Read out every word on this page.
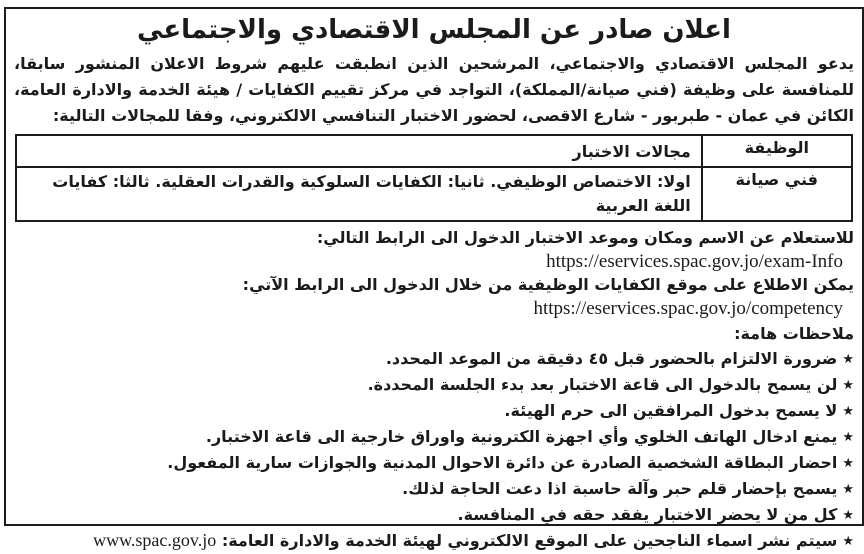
اعلان صادر عن المجلس الاقتصادي والاجتماعي
يدعو المجلس الاقتصادي والاجتماعي، المرشحين الذين انطبقت عليهم شروط الاعلان المنشور سابقا، للمنافسة على وظيفة (فني صيانة/المملكة)، التواجد في مركز تقييم الكفايات / هيئة الخدمة والادارة العامة، الكائن في عمان - طبربور - شارع الاقصى، لحضور الاختبار التنافسي الالكتروني، وفقا للمجالات التالية:
الوظيفة	مجالات الاختبار
فني صيانة	اولا: الاختصاص الوظيفي. ثانيا: الكفايات السلوكية والقدرات العقلية. ثالثا: كفايات اللغة العربية
للاستعلام عن الاسم ومكان وموعد الاختبار الدخول الى الرابط التالي:
https://eservices.spac.gov.jo/exam-Info
يمكن الاطلاع على موقع الكفايات الوظيفية من خلال الدخول الى الرابط الآتي:
https://eservices.spac.gov.jo/competency
ملاحظات هامة:
★ضرورة الالتزام بالحضور قبل ٤٥ دقيقة من الموعد المحدد.
★لن يسمح بالدخول الى قاعة الاختبار بعد بدء الجلسة المحددة.
★لا يسمح بدخول المرافقين الى حرم الهيئة.
★يمنع ادخال الهاتف الخلوي وأي اجهزة الكترونية واوراق خارجية الى قاعة الاختبار.
★احضار البطاقة الشخصية الصادرة عن دائرة الاحوال المدنية والجوازات سارية المفعول.
★يسمح بإحضار قلم حبر وآلة حاسبة اذا دعت الحاجة لذلك.
★كل من لا يحضر الاختبار يفقد حقه في المنافسة.
★سيتم نشر اسماء الناجحين على الموقع الالكتروني لهيئة الخدمة والادارة العامة: www.spac.gov.jo
